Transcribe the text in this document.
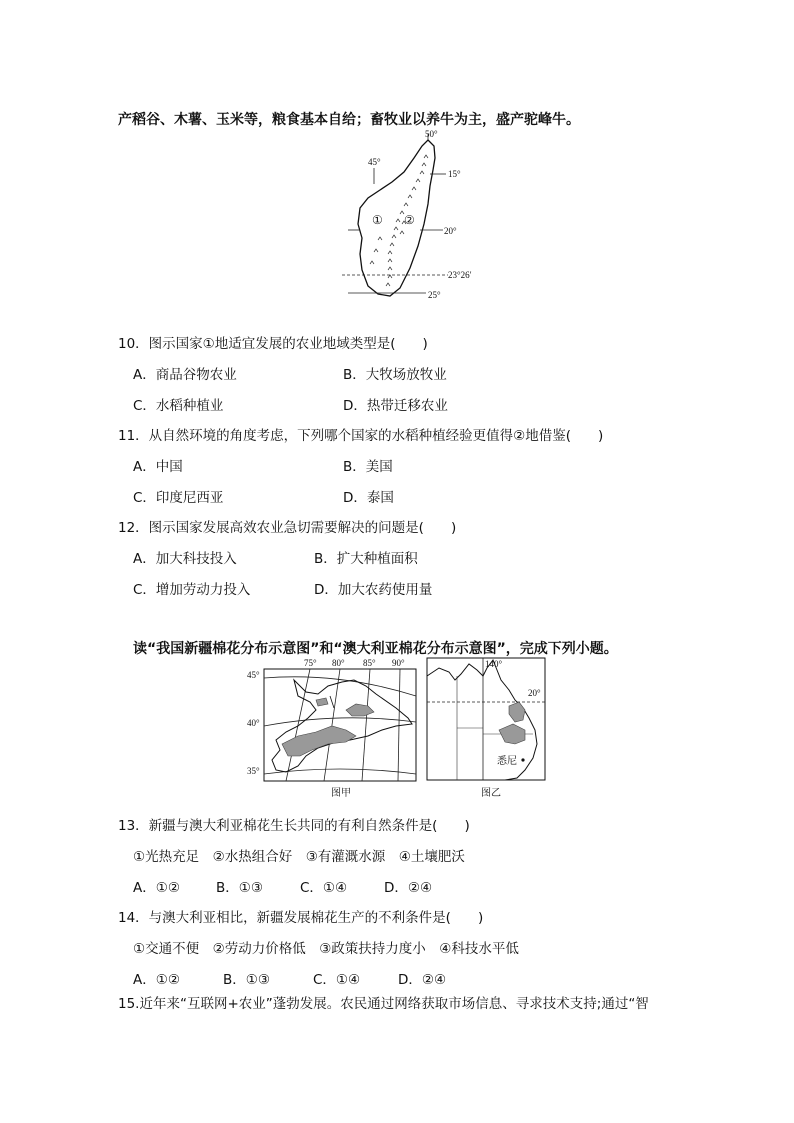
产稻谷、木薯、玉米等，粮食基本自给；畜牧业以养牛为主，盛产驼峰牛。
50°
45°
15°
20°
23°26′
25°
① ②
10．图示国家①地适宜发展的农业地域类型是(　　)
A．商品谷物农业	B．大牧场放牧业
C．水稻种植业	D．热带迁移农业
11．从自然环境的角度考虑，下列哪个国家的水稻种植经验更值得②地借鉴(　　)
A．中国	B．美国
C．印度尼西亚	D．泰国
12．图示国家发展高效农业急切需要解决的问题是(　　)
A．加大科技投入	B．扩大种植面积
C．增加劳动力投入	D．加大农药使用量
读“我国新疆棉花分布示意图”和“澳大利亚棉花分布示意图”，完成下列小题。
75° 80° 85° 90°
45°
40°
35°
图甲
140°
20°
悉尼
图乙
13．新疆与澳大利亚棉花生长共同的有利自然条件是(　　)
①光热充足　②水热组合好　③有灌溉水源　④土壤肥沃
A．①②	B．①③	C．①④	D．②④
14．与澳大利亚相比，新疆发展棉花生产的不利条件是(　　)
①交通不便　②劳动力价格低　③政策扶持力度小　④科技水平低
A．①②	B．①③	C．①④	D．②④
15.近年来“互联网+农业”蓬勃发展。农民通过网络获取市场信息、寻求技术支持;通过“智
